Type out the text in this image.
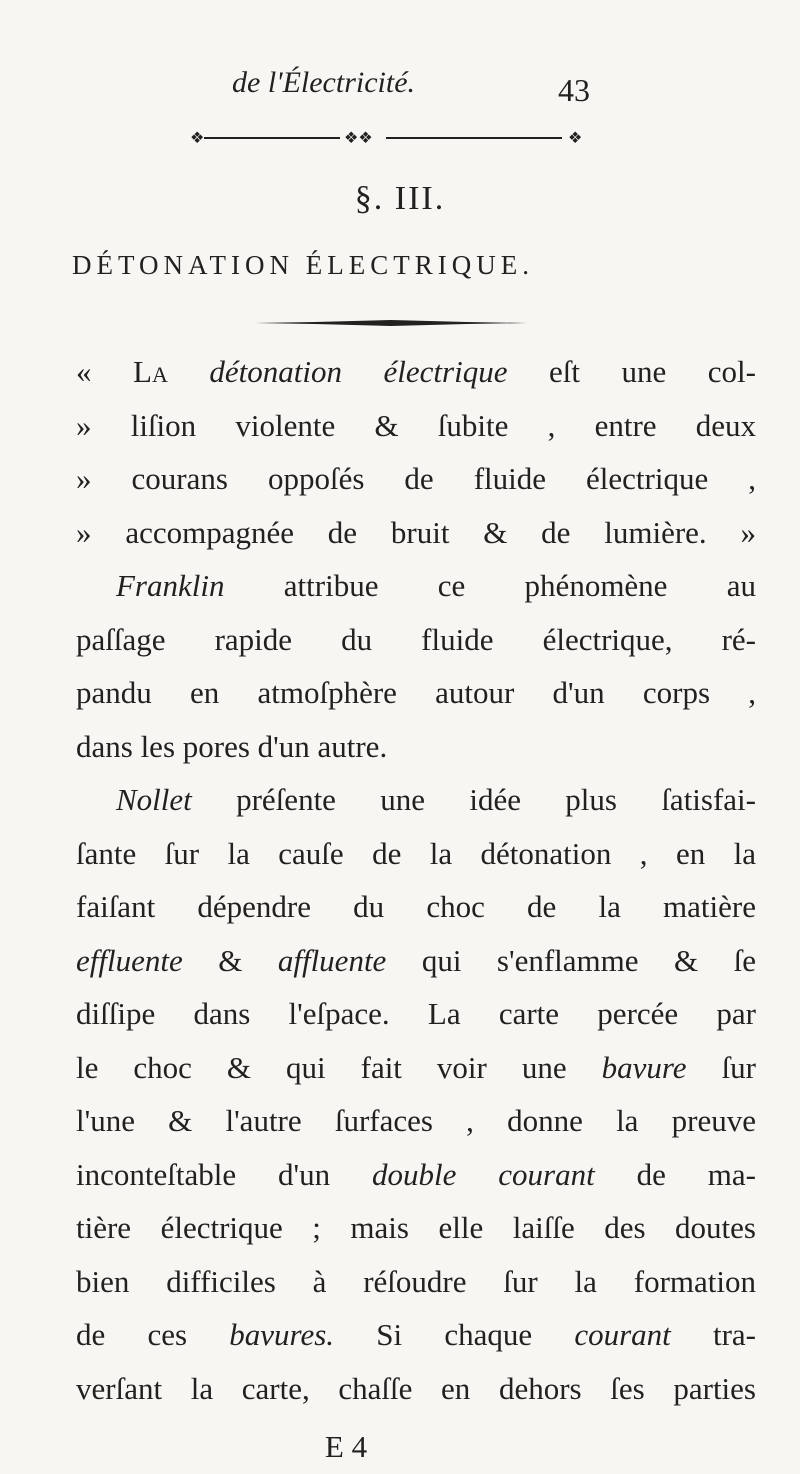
de l'Électricité.	43
❖	❖❖	❖
§. III.
DÉTONATION ÉLECTRIQUE.
« La détonation électrique eſt une col-
» liſion violente & ſubite , entre deux
» courans oppoſés de fluide électrique ,
» accompagnée de bruit & de lumière. »
Franklin attribue ce phénomène au
paſſage rapide du fluide électrique, ré-
pandu en atmoſphère autour d'un corps ,
dans les pores d'un autre.
Nollet préſente une idée plus ſatisfai-
ſante ſur la cauſe de la détonation , en la
faiſant dépendre du choc de la matière
effluente & affluente qui s'enflamme & ſe
diſſipe dans l'eſpace. La carte percée par
le choc & qui fait voir une bavure ſur
l'une & l'autre ſurfaces , donne la preuve
inconteſtable d'un double courant de ma-
tière électrique ; mais elle laiſſe des doutes
bien difficiles à réſoudre ſur la formation
de ces bavures. Si chaque courant tra-
verſant la carte, chaſſe en dehors ſes parties
E 4
